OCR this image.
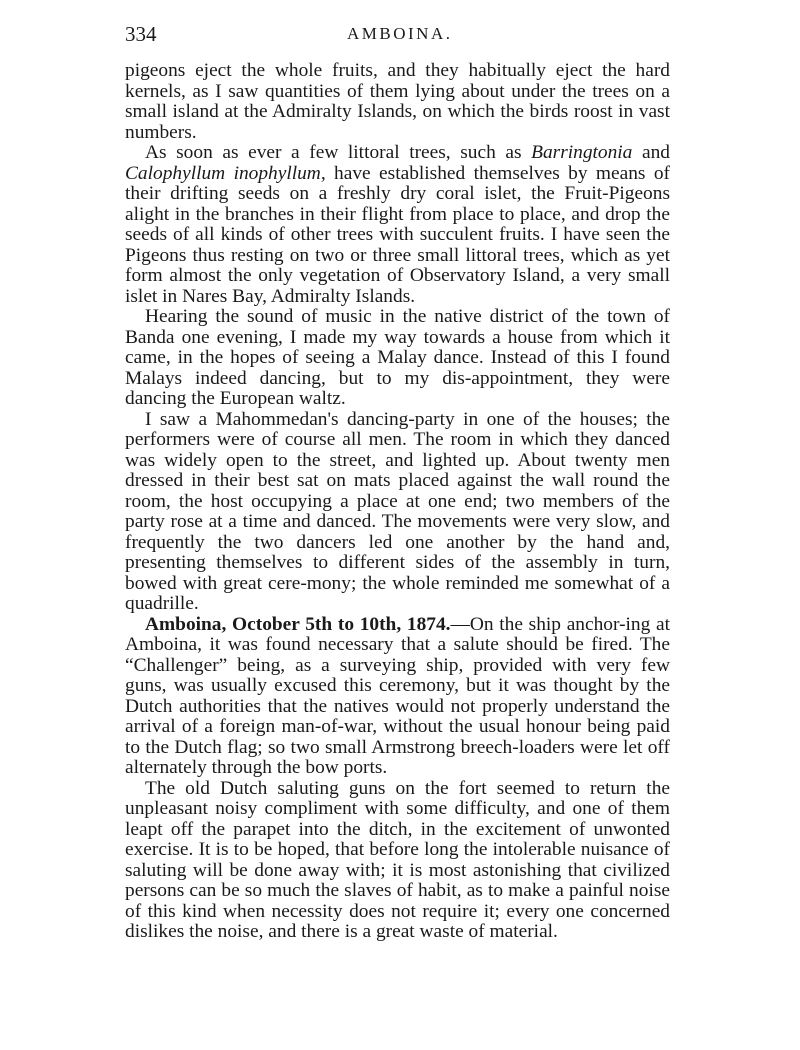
334	AMBOINA.

pigeons eject the whole fruits, and they habitually eject the hard kernels, as I saw quantities of them lying about under the trees on a small island at the Admiralty Islands, on which the birds roost in vast numbers.

As soon as ever a few littoral trees, such as Barringtonia and Calophyllum inophyllum, have established themselves by means of their drifting seeds on a freshly dry coral islet, the Fruit-Pigeons alight in the branches in their flight from place to place, and drop the seeds of all kinds of other trees with succulent fruits. I have seen the Pigeons thus resting on two or three small littoral trees, which as yet form almost the only vegetation of Observatory Island, a very small islet in Nares Bay, Admiralty Islands.

Hearing the sound of music in the native district of the town of Banda one evening, I made my way towards a house from which it came, in the hopes of seeing a Malay dance. Instead of this I found Malays indeed dancing, but to my dis-appointment, they were dancing the European waltz.

I saw a Mahommedan's dancing-party in one of the houses; the performers were of course all men. The room in which they danced was widely open to the street, and lighted up. About twenty men dressed in their best sat on mats placed against the wall round the room, the host occupying a place at one end; two members of the party rose at a time and danced. The movements were very slow, and frequently the two dancers led one another by the hand and, presenting themselves to different sides of the assembly in turn, bowed with great cere-mony; the whole reminded me somewhat of a quadrille.

Amboina, October 5th to 10th, 1874.—On the ship anchor-ing at Amboina, it was found necessary that a salute should be fired. The “Challenger” being, as a surveying ship, provided with very few guns, was usually excused this ceremony, but it was thought by the Dutch authorities that the natives would not properly understand the arrival of a foreign man-of-war, without the usual honour being paid to the Dutch flag; so two small Armstrong breech-loaders were let off alternately through the bow ports.

The old Dutch saluting guns on the fort seemed to return the unpleasant noisy compliment with some difficulty, and one of them leapt off the parapet into the ditch, in the excitement of unwonted exercise. It is to be hoped, that before long the intolerable nuisance of saluting will be done away with; it is most astonishing that civilized persons can be so much the slaves of habit, as to make a painful noise of this kind when necessity does not require it; every one concerned dislikes the noise, and there is a great waste of material.
